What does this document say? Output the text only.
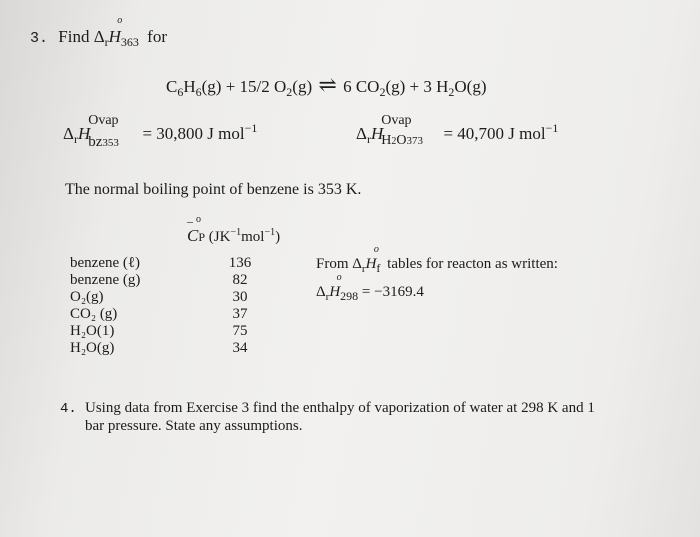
3. Find $\Delta_rH$
o
$_{363}$ for
$C_6H_6(g) + 15/2$ $O_2(g)$ ⇌ 6 $CO_2(g) + 3$ $H_2O(g)$
$\Delta_rH$
Ovap
bz353 = 30,800 J mol$^{-1}$	$\Delta_rH$
Ovap
H2O373 = 40,700 J mol$^{-1}$
The normal boiling point of benzene is 353 K.
C
– o
P $(JK^{-1}mol^{-1})$
benzene (ℓ)
benzene (g)
O₂(g)
CO₂ (g)
H₂O(1)
H₂O(g)
136
82
30
37
75
34
From $\Delta_rH$
o
$_f$ tables for reacton as written:
$\Delta_rH$
o
$_{298}$ = −3169.4
4. Using data from Exercise 3 find the enthalpy of vaporization of water at 298 K and 1
bar pressure. State any assumptions.
